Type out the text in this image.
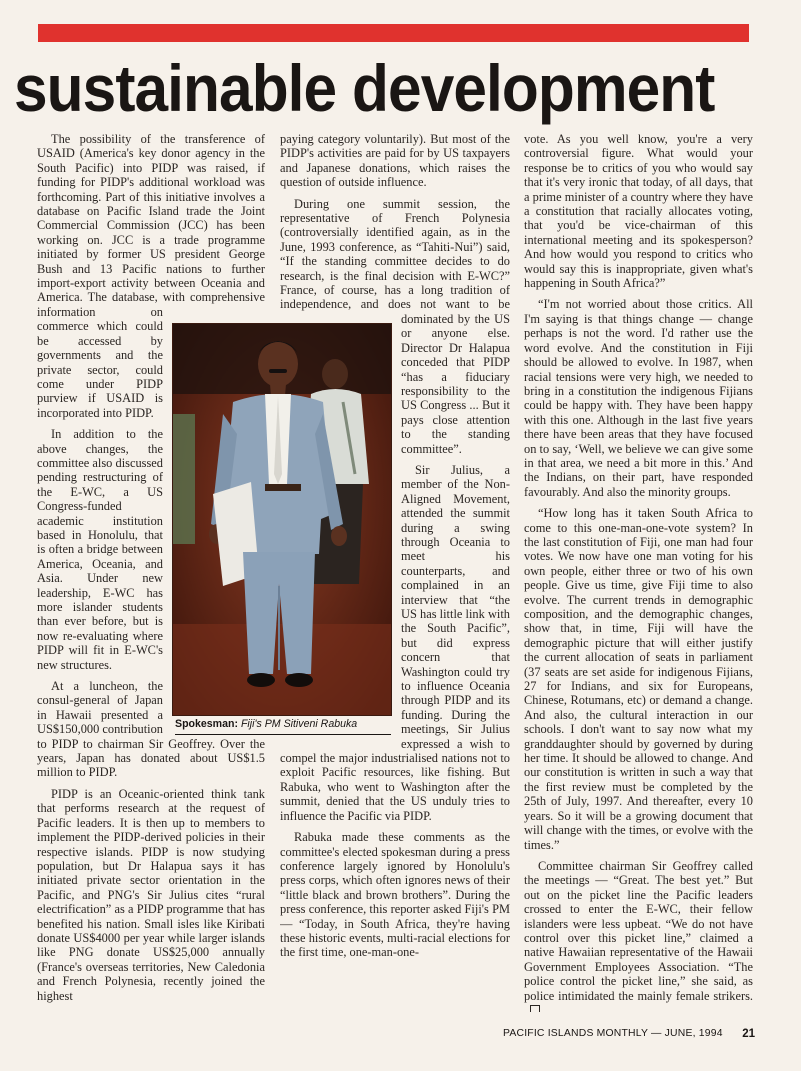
sustainable development

The possibility of the transference of USAID (America's key donor agency in the South Pacific) into PIDP was raised, if funding for PIDP's additional workload was forthcoming. Part of this initiative involves a database on Pacific Island trade the Joint Commercial Commission (JCC) has been working on. JCC is a trade programme initiated by former US president George Bush and 13 Pacific nations to further import-export activity between Oceania and America. The database, with comprehensive information on commerce which could be accessed by governments and the private sector, could come under PIDP purview if USAID is incorporated into PIDP.

In addition to the above changes, the committee also discussed pending restructuring of the E-WC, a US Congress-funded academic institution based in Honolulu, that is often a bridge between America, Oceania, and Asia. Under new leadership, E-WC has more islander students than ever before, but is now re-evaluating where PIDP will fit in E-WC's new structures.

At a luncheon, the consul-general of Japan in Hawaii presented a US$150,000 contribution to PIDP to chairman Sir Geoffrey. Over the years, Japan has donated about US$1.5 million to PIDP.

PIDP is an Oceanic-oriented think tank that performs research at the request of Pacific leaders. It is then up to members to implement the PIDP-derived policies in their respective islands. PIDP is now studying population, but Dr Halapua says it has initiated private sector orientation in the Pacific, and PNG's Sir Julius cites “rural electrification” as a PIDP programme that has benefited his nation. Small isles like Kiribati donate US$4000 per year while larger islands like PNG donate US$25,000 annually (France's overseas territories, New Caledonia and French Polynesia, recently joined the highest

paying category voluntarily). But most of the PIDP's activities are paid for by US taxpayers and Japanese donations, which raises the question of outside influence.

During one summit session, the representative of French Polynesia (controversially identified again, as in the June, 1993 conference, as “Tahiti-Nui”) said, “If the standing committee decides to do research, is the final decision with E-WC?” France, of course, has a long tradition of independence, and does not want to be dominated by the US or anyone else. Director Dr Halapua conceded that PIDP “has a fiduciary responsibility to the US Congress ... But it pays close attention to the standing committee”.

Sir Julius, a member of the Non-Aligned Movement, attended the summit during a swing through Oceania to meet his counterparts, and complained in an interview that “the US has little link with the South Pacific”, but did express concern that Washington could try to influence Oceania through PIDP and its funding. During the meetings, Sir Julius expressed a wish to compel the major industrialised nations not to exploit Pacific resources, like fishing. But Rabuka, who went to Washington after the summit, denied that the US unduly tries to influence the Pacific via PIDP.

Rabuka made these comments as the committee's elected spokesman during a press conference largely ignored by Honolulu's press corps, which often ignores news of their “little black and brown brothers”. During the press conference, this reporter asked Fiji's PM — “Today, in South Africa, they're having these historic events, multi-racial elections for the first time, one-man-one-

vote. As you well know, you're a very controversial figure. What would your response be to critics of you who would say that it's very ironic that today, of all days, that a prime minister of a country where they have a constitution that racially allocates voting, that you'd be vice-chairman of this international meeting and its spokesperson? And how would you respond to critics who would say this is inappropriate, given what's happening in South Africa?”

“I'm not worried about those critics. All I'm saying is that things change — change perhaps is not the word. I'd rather use the word evolve. And the constitution in Fiji should be allowed to evolve. In 1987, when racial tensions were very high, we needed to bring in a constitution the indigenous Fijians could be happy with. They have been happy with this one. Although in the last five years there have been areas that they have focused on to say, ‘Well, we believe we can give some in that area, we need a bit more in this.’ And the Indians, on their part, have responded favourably. And also the minority groups.

“How long has it taken South Africa to come to this one-man-one-vote system? In the last constitution of Fiji, one man had four votes. We now have one man voting for his own people, either three or two of his own people. Give us time, give Fiji time to also evolve. The current trends in demographic composition, and the demographic changes, show that, in time, Fiji will have the demographic picture that will either justify the current allocation of seats in parliament (37 seats are set aside for indigenous Fijians, 27 for Indians, and six for Europeans, Chinese, Rotumans, etc) or demand a change. And also, the cultural interaction in our schools. I don't want to say now what my granddaughter should by governed by during her time. It should be allowed to change. And our constitution is written in such a way that the first review must be completed by the 25th of July, 1997. And thereafter, every 10 years. So it will be a growing document that will change with the times, or evolve with the times.”

Committee chairman Sir Geoffrey called the meetings — “Great. The best yet.” But out on the picket line the Pacific leaders crossed to enter the E-WC, their fellow islanders were less upbeat. “We do not have control over this picket line,” claimed a native Hawaiian representative of the Hawaii Government Employees Association. “The police control the picket line,” she said, as police intimidated the mainly female strikers.

Spokesman: Fiji's PM Sitiveni Rabuka
PACIFIC ISLANDS MONTHLY — JUNE, 1994 21
